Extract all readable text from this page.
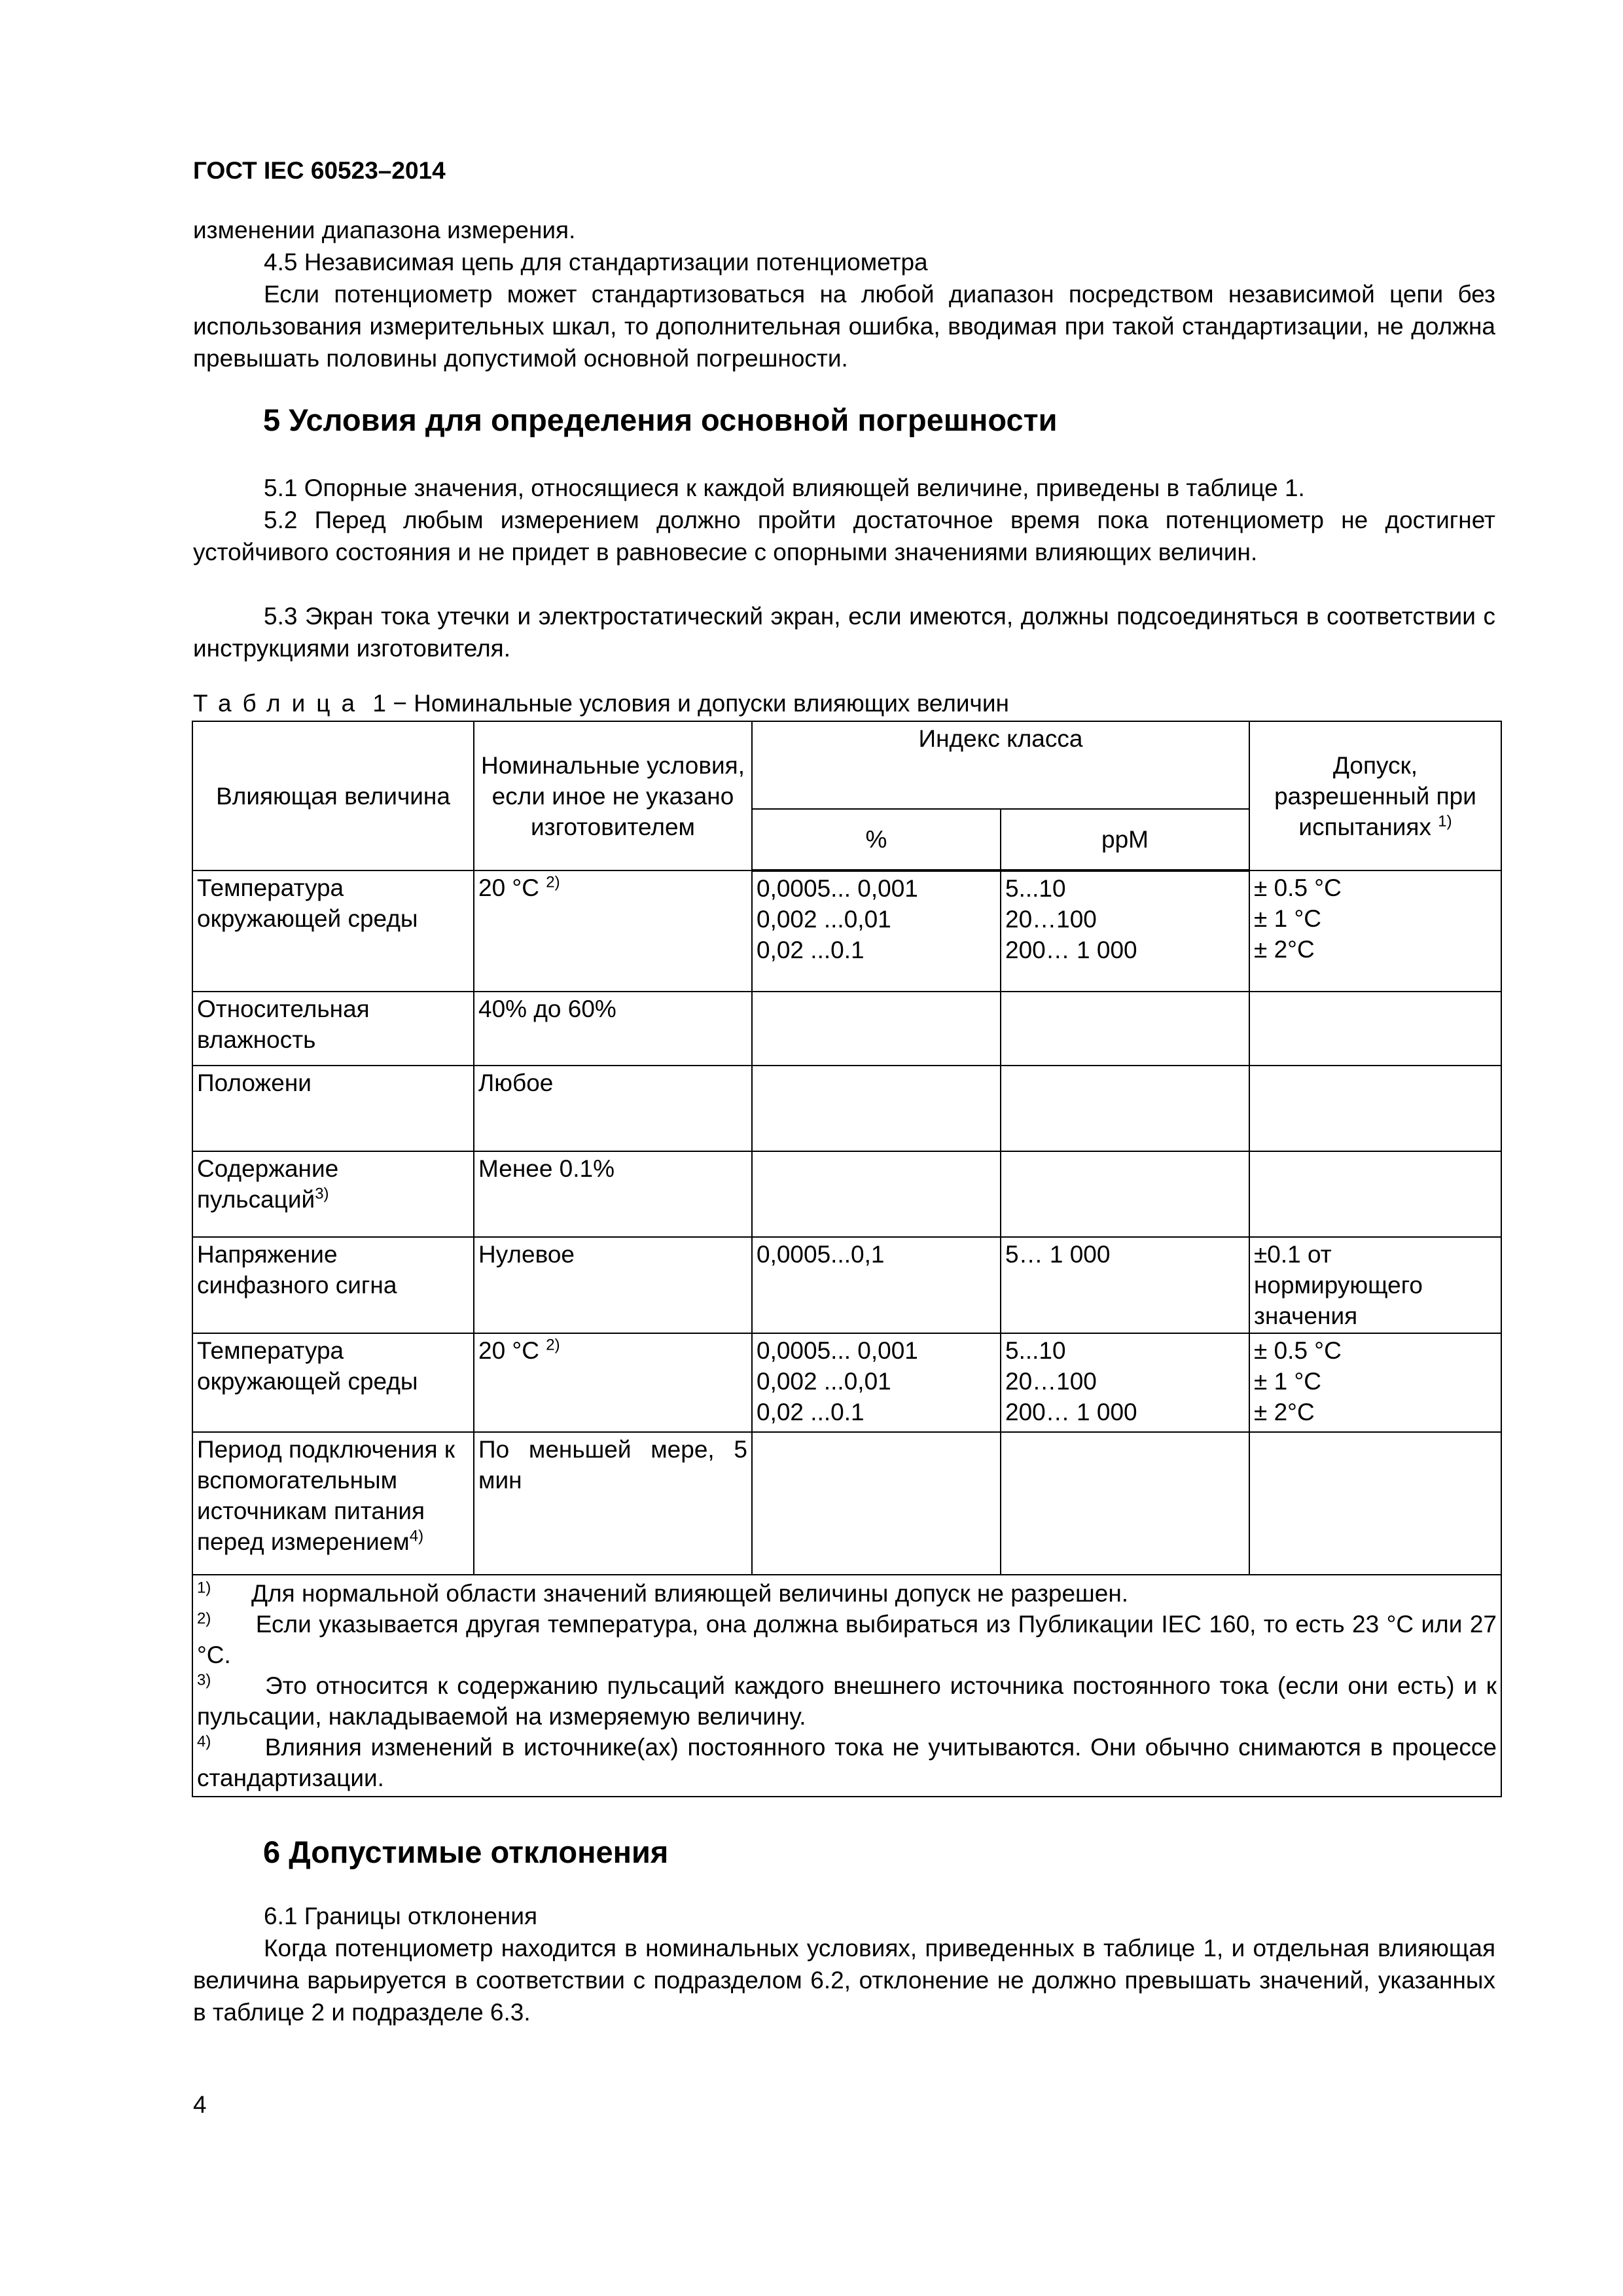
ГОСТ IEC 60523–2014

изменении диапазона измерения.

4.5 Независимая цепь для стандартизации потенциометра

Если потенциометр может стандартизоваться на любой диапазон посредством независимой цепи без использования измерительных шкал, то дополнительная ошибка, вводимая при такой стандартизации, не должна превышать половины допустимой основной погрешности.

5 Условия для определения основной погрешности

5.1 Опорные значения, относящиеся к каждой влияющей величине, приведены в таблице 1.

5.2 Перед любым измерением должно пройти достаточное время пока потенциометр не достигнет устойчивого состояния и не придет в равновесие с опорными значениями влияющих величин.

5.3 Экран тока утечки и электростатический экран, если имеются, должны подсоединяться в соответствии с инструкциями изготовителя.

Таблица 1 − Номинальные условия и допуски влияющих величин
Влияющая величина	Номинальные условия, если иное не указано изготовителем	Индекс класса		Допуск, разрешенный при испытаниях $^{1)}$
		%	ppM	
Температура окружающей среды	20 °С $^{2)}$	0,0005... 0,001
0,002 ...0,01
0,02 ...0.1	5...10
20…100
200… 1 000	± 0.5 °С
± 1 °С
± 2°С

Относительная влажность	40% до 60%			
Положени	Любое			
Содержание пульсаций$^{3)}$	Менее 0.1%			
Напряжение синфазного сигна	Нулевое	0,0005...0,1	5… 1 000	±0.1 от нормирующего значения
Температура окружающей среды	20 °С $^{2)}$	0,0005... 0,001
0,002 ...0,01
0,02 ...0.1	5...10
20…100
200… 1 000	± 0.5 °С
± 1 °С
± 2°С

Период подключения к вспомогательным источникам питания перед измерением$^{4)}$	По меньшей мере, 5 мин			

$^{1)}$ Для нормальной области значений влияющей величины допуск не разрешен.
$^{2)}$ Если указывается другая температура, она должна выбираться из Публикации IEC 160, то есть 23 °С или 27 °С.
$^{3)}$ Это относится к содержанию пульсаций каждого внешнего источника постоянного тока (если они есть) и к пульсации, накладываемой на измеряемую величину.
$^{4)}$ Влияния изменений в источнике(ах) постоянного тока не учитываются. Они обычно снимаются в процессе стандартизации.				
6 Допустимые отклонения

6.1 Границы отклонения

Когда потенциометр находится в номинальных условиях, приведенных в таблице 1, и отдельная влияющая величина варьируется в соответствии с подразделом 6.2, отклонение не должно превышать значений, указанных в таблице 2 и подразделе 6.3.

4
